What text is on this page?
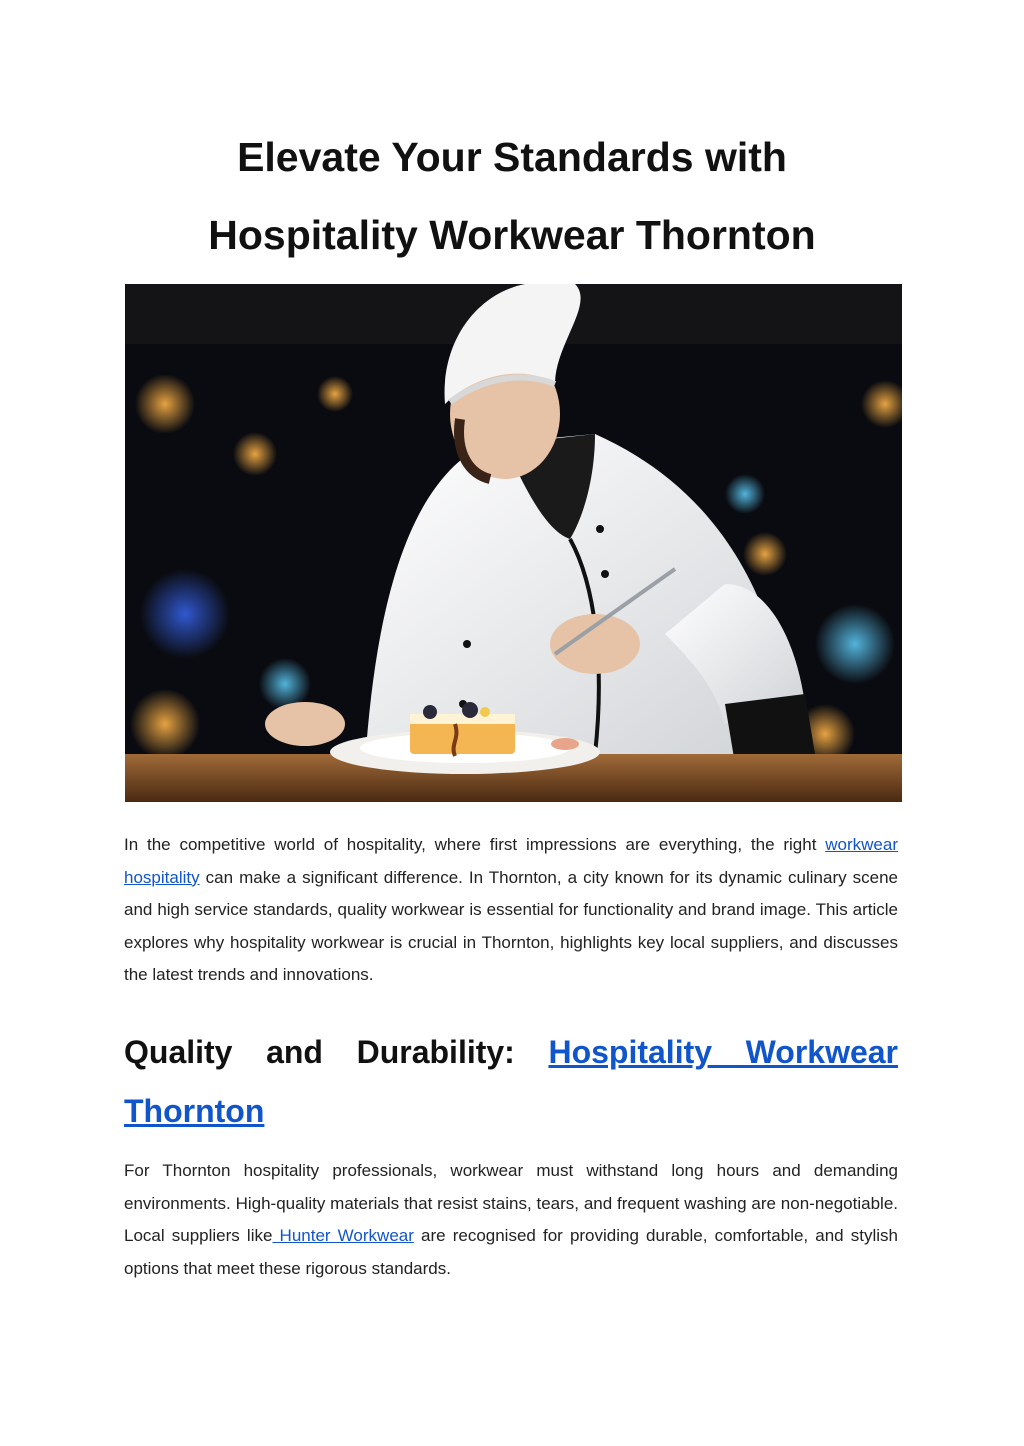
Elevate Your Standards with
Hospitality Workwear Thornton

In the competitive world of hospitality, where first impressions are everything, the right workwear hospitality can make a significant difference. In Thornton, a city known for its dynamic culinary scene and high service standards, quality workwear is essential for functionality and brand image. This article explores why hospitality workwear is crucial in Thornton, highlights key local suppliers, and discusses the latest trends and innovations.

Quality and Durability: Hospitality Workwear Thornton

For Thornton hospitality professionals, workwear must withstand long hours and demanding environments. High-quality materials that resist stains, tears, and frequent washing are non-negotiable. Local suppliers like Hunter Workwear are recognised for providing durable, comfortable, and stylish options that meet these rigorous standards.
